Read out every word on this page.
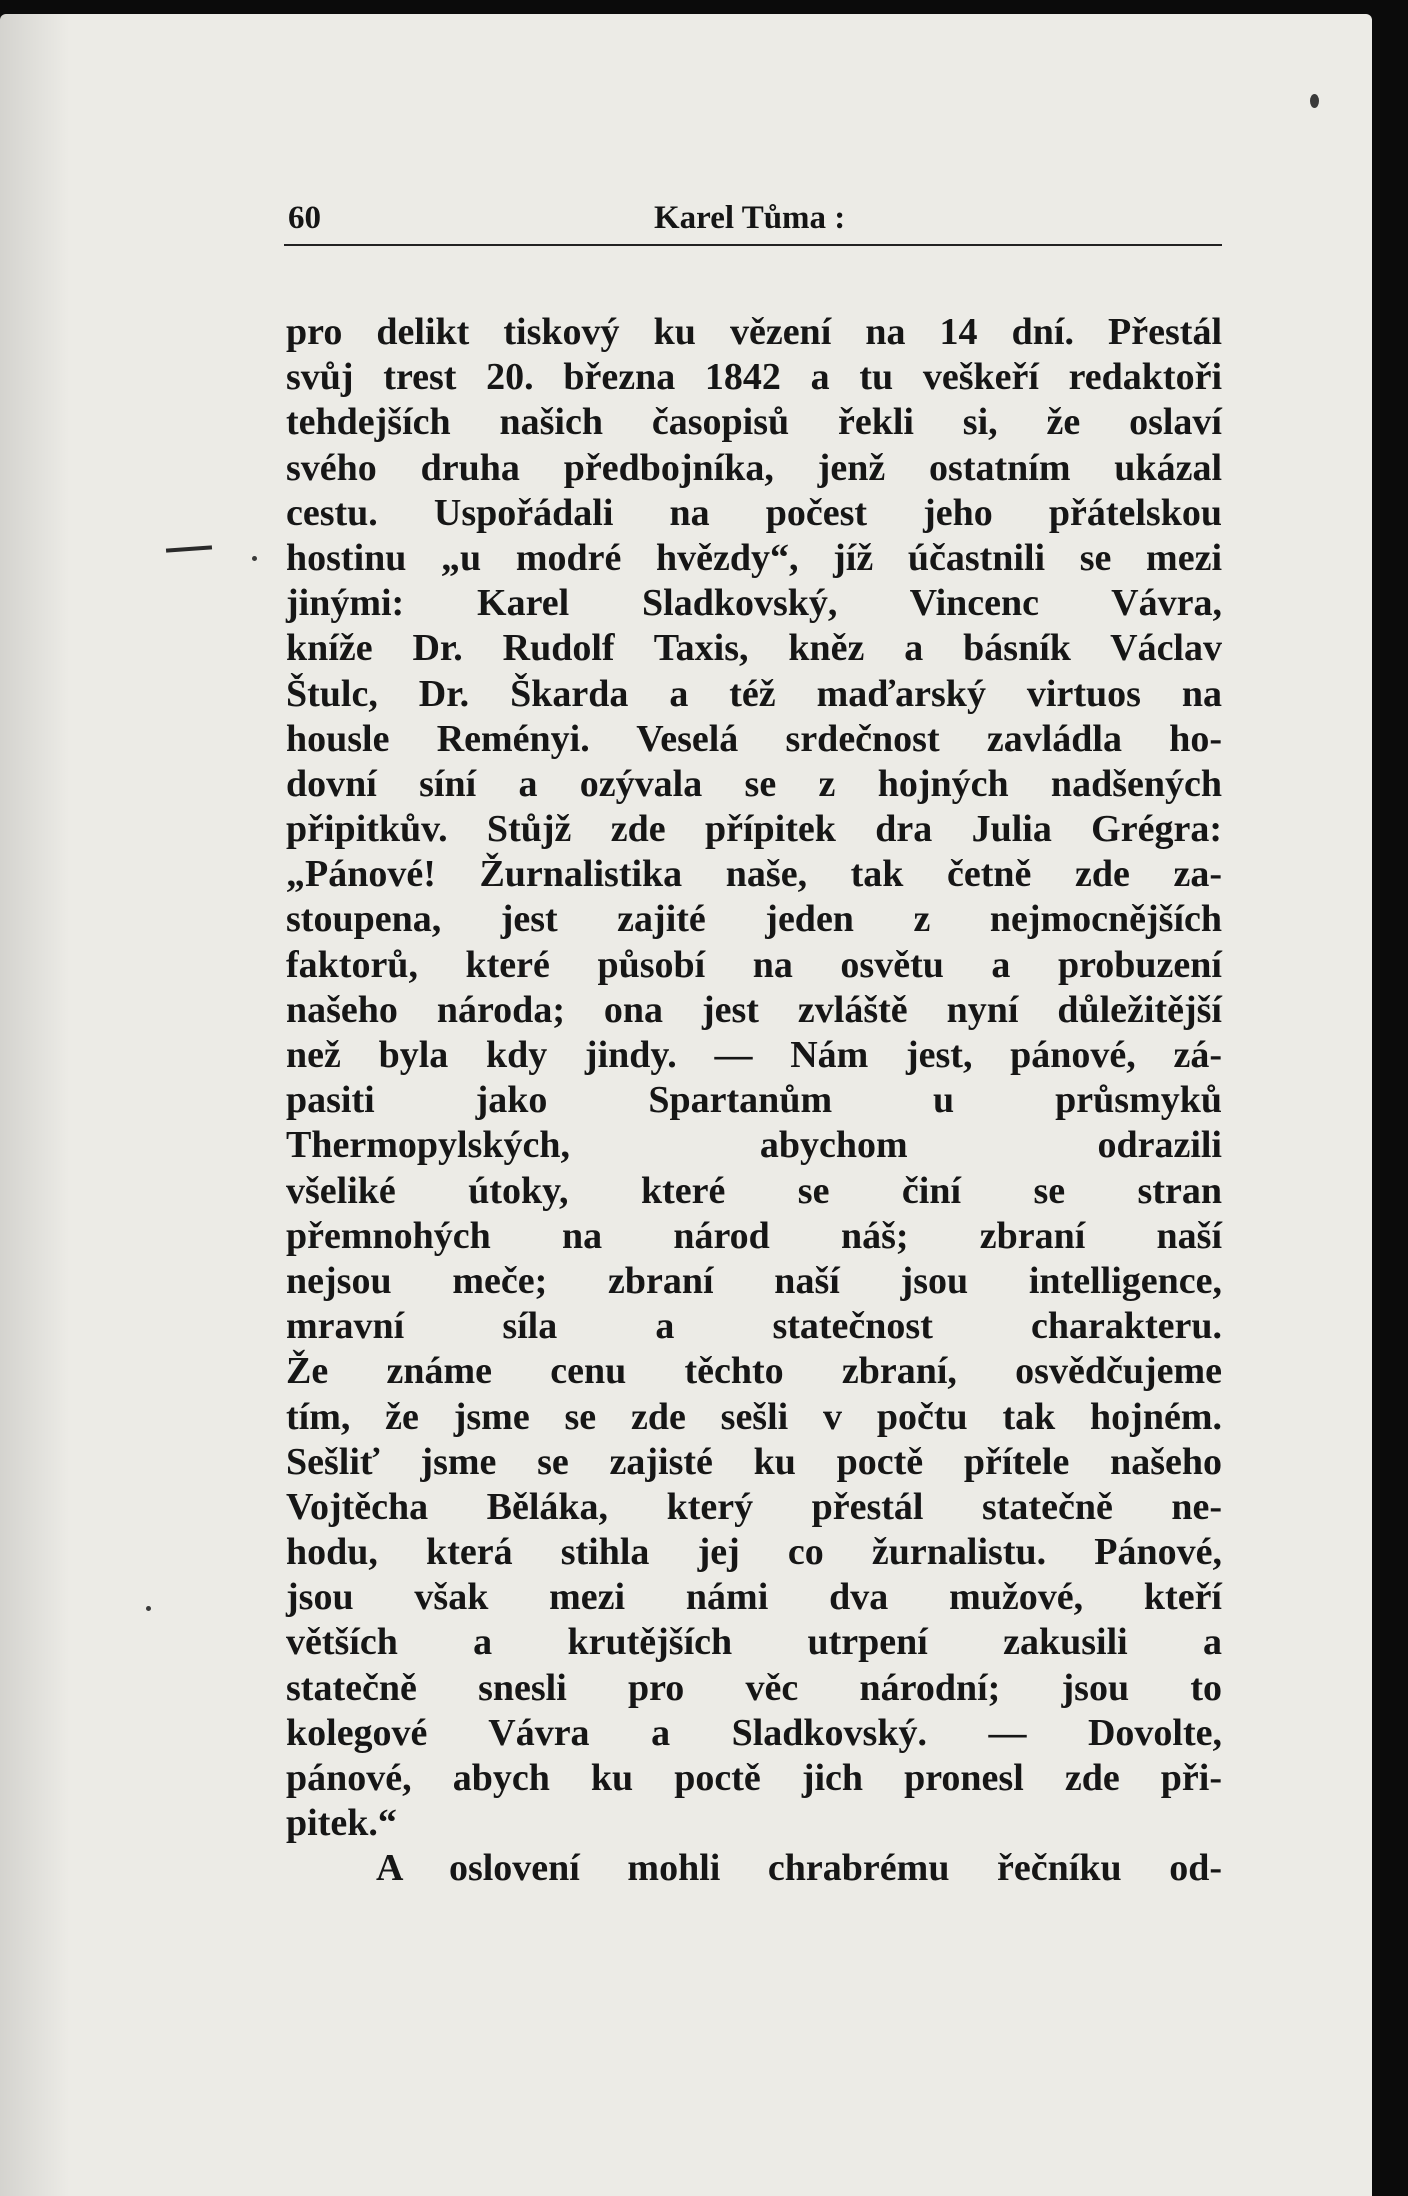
60	Karel Tůma :
pro delikt tiskový ku vězení na 14 dní. Přestál
svůj trest 20. března 1842 a tu veškeří redaktoři
tehdejších našich časopisů řekli si, že oslaví
svého druha předbojníka, jenž ostatním ukázal
cestu. Uspořádali na počest jeho přátelskou
hostinu „u modré hvězdy“, jíž účastnili se mezi
jinými: Karel Sladkovský, Vincenc Vávra,
kníže Dr. Rudolf Taxis, kněz a básník Václav
Štulc, Dr. Škarda a též maďarský virtuos na
housle Reményi. Veselá srdečnost zavládla ho-
dovní síní a ozývala se z hojných nadšených
připitkův. Stůjž zde přípitek dra Julia Grégra:
„Pánové! Žurnalistika naše, tak četně zde za-
stoupena, jest zajité jeden z nejmocnějších
faktorů, které působí na osvětu a probuzení
našeho národa; ona jest zvláště nyní důležitější
než byla kdy jindy. — Nám jest, pánové, zá-
pasiti jako Spartanům u průsmyků
Thermopylských, abychom odrazili
všeliké útoky, které se činí se stran
přemnohých na národ náš; zbraní naší
nejsou meče; zbraní naší jsou intelligence,
mravní síla a statečnost charakteru.
Že známe cenu těchto zbraní, osvědčujeme
tím, že jsme se zde sešli v počtu tak hojném.
Sešliť jsme se zajisté ku poctě přítele našeho
Vojtěcha Běláka, který přestál statečně ne-
hodu, která stihla jej co žurnalistu. Pánové,
jsou však mezi námi dva mužové, kteří
větších a krutějších utrpení zakusili a
statečně snesli pro věc národní; jsou to
kolegové Vávra a Sladkovský. — Dovolte,
pánové, abych ku poctě jich pronesl zde při-
pitek.“
A oslovení mohli chrabrému řečníku od-
